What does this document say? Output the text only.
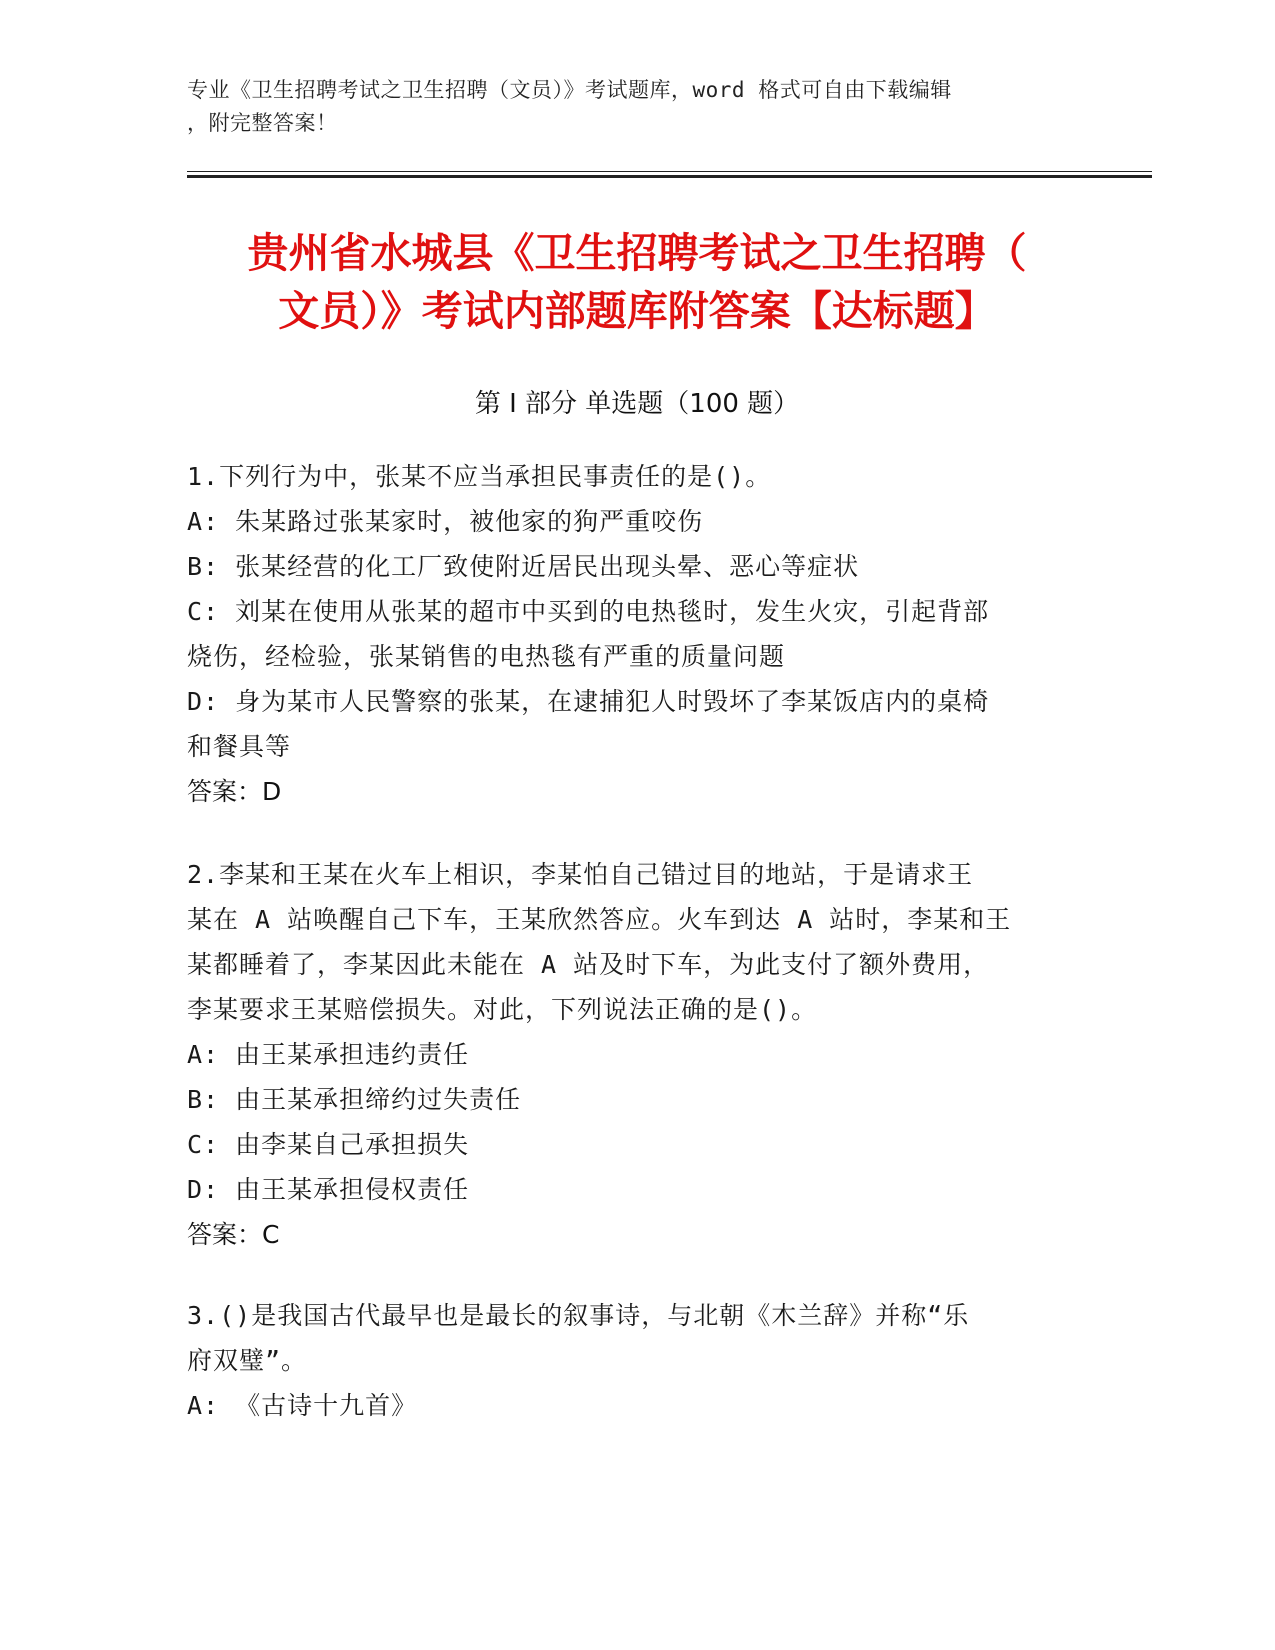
专业《卫生招聘考试之卫生招聘（文员）》考试题库，word 格式可自由下载编辑
，附完整答案！
贵州省水城县《卫生招聘考试之卫生招聘（
文员）》考试内部题库附答案【达标题】
第 I 部分 单选题（100 题）
1.下列行为中，张某不应当承担民事责任的是()。
A: 朱某路过张某家时，被他家的狗严重咬伤
B: 张某经营的化工厂致使附近居民出现头晕、恶心等症状
C: 刘某在使用从张某的超市中买到的电热毯时，发生火灾，引起背部
烧伤，经检验，张某销售的电热毯有严重的质量问题
D: 身为某市人民警察的张某，在逮捕犯人时毁坏了李某饭店内的桌椅
和餐具等
答案：D
2.李某和王某在火车上相识，李某怕自己错过目的地站，于是请求王
某在 A 站唤醒自己下车，王某欣然答应。火车到达 A 站时，李某和王
某都睡着了，李某因此未能在 A 站及时下车，为此支付了额外费用，
李某要求王某赔偿损失。对此，下列说法正确的是()。
A: 由王某承担违约责任
B: 由王某承担缔约过失责任
C: 由李某自己承担损失
D: 由王某承担侵权责任
答案：C
3.()是我国古代最早也是最长的叙事诗，与北朝《木兰辞》并称“乐
府双璧”。
A: 《古诗十九首》
